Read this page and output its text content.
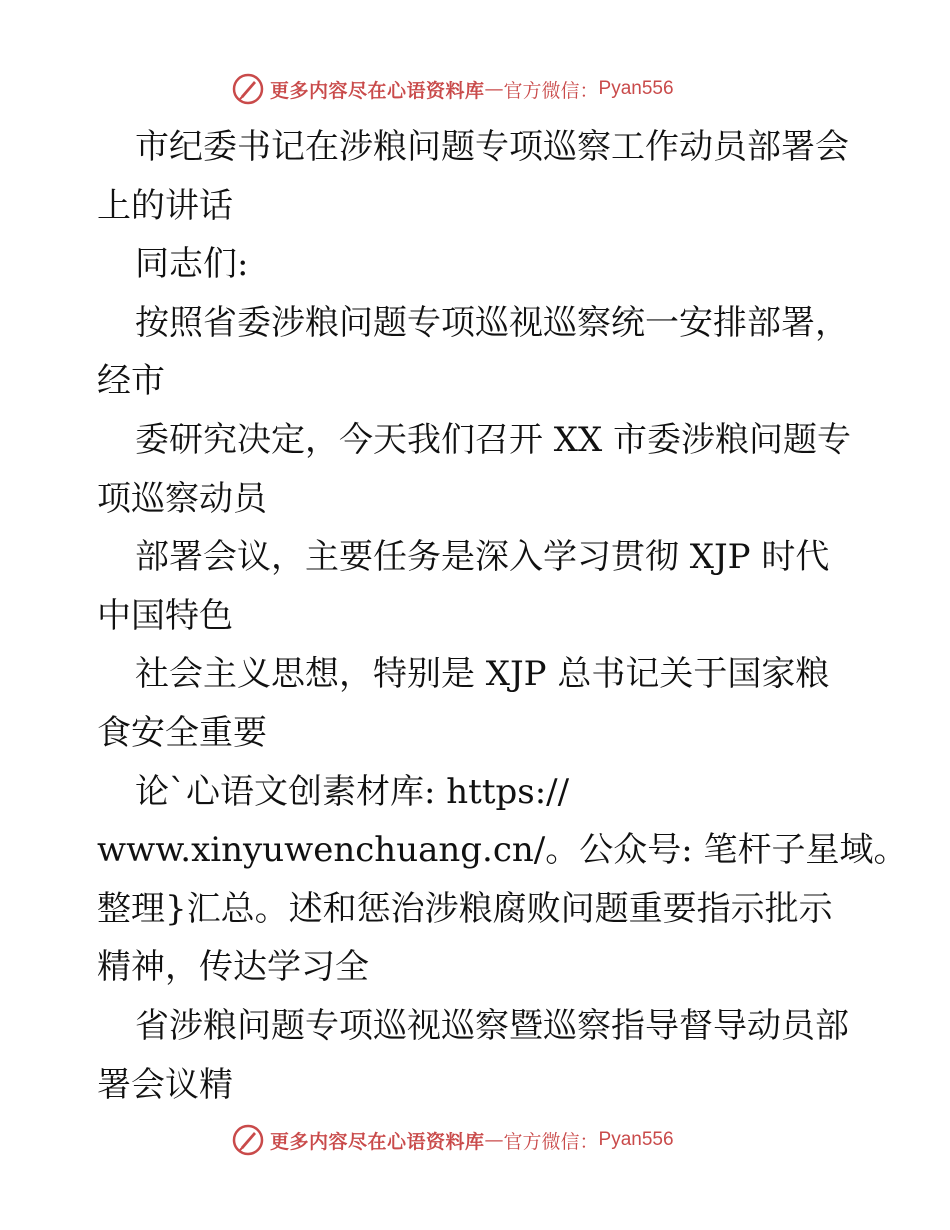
更多内容尽在心语资料库 — 官方微信： Pyan556
市纪委书记在涉粮问题专项巡察工作动员部署会
上的讲话
同志们:
按照省委涉粮问题专项巡视巡察统一安排部署，
经市
委研究决定，今天我们召开 XX 市委涉粮问题专
项巡察动员
部署会议，主要任务是深入学习贯彻 XJP 时代
中国特色
社会主义思想，特别是 XJP 总书记关于国家粮
食安全重要
论`心语文创素材库: https://
www.xinyuwenchuang.cn/。公众号: 笔杆子星域。
整理}汇总。述和惩治涉粮腐败问题重要指示批示
精神，传达学习全
省涉粮问题专项巡视巡察暨巡察指导督导动员部
署会议精
更多内容尽在心语资料库 — 官方微信： Pyan556
